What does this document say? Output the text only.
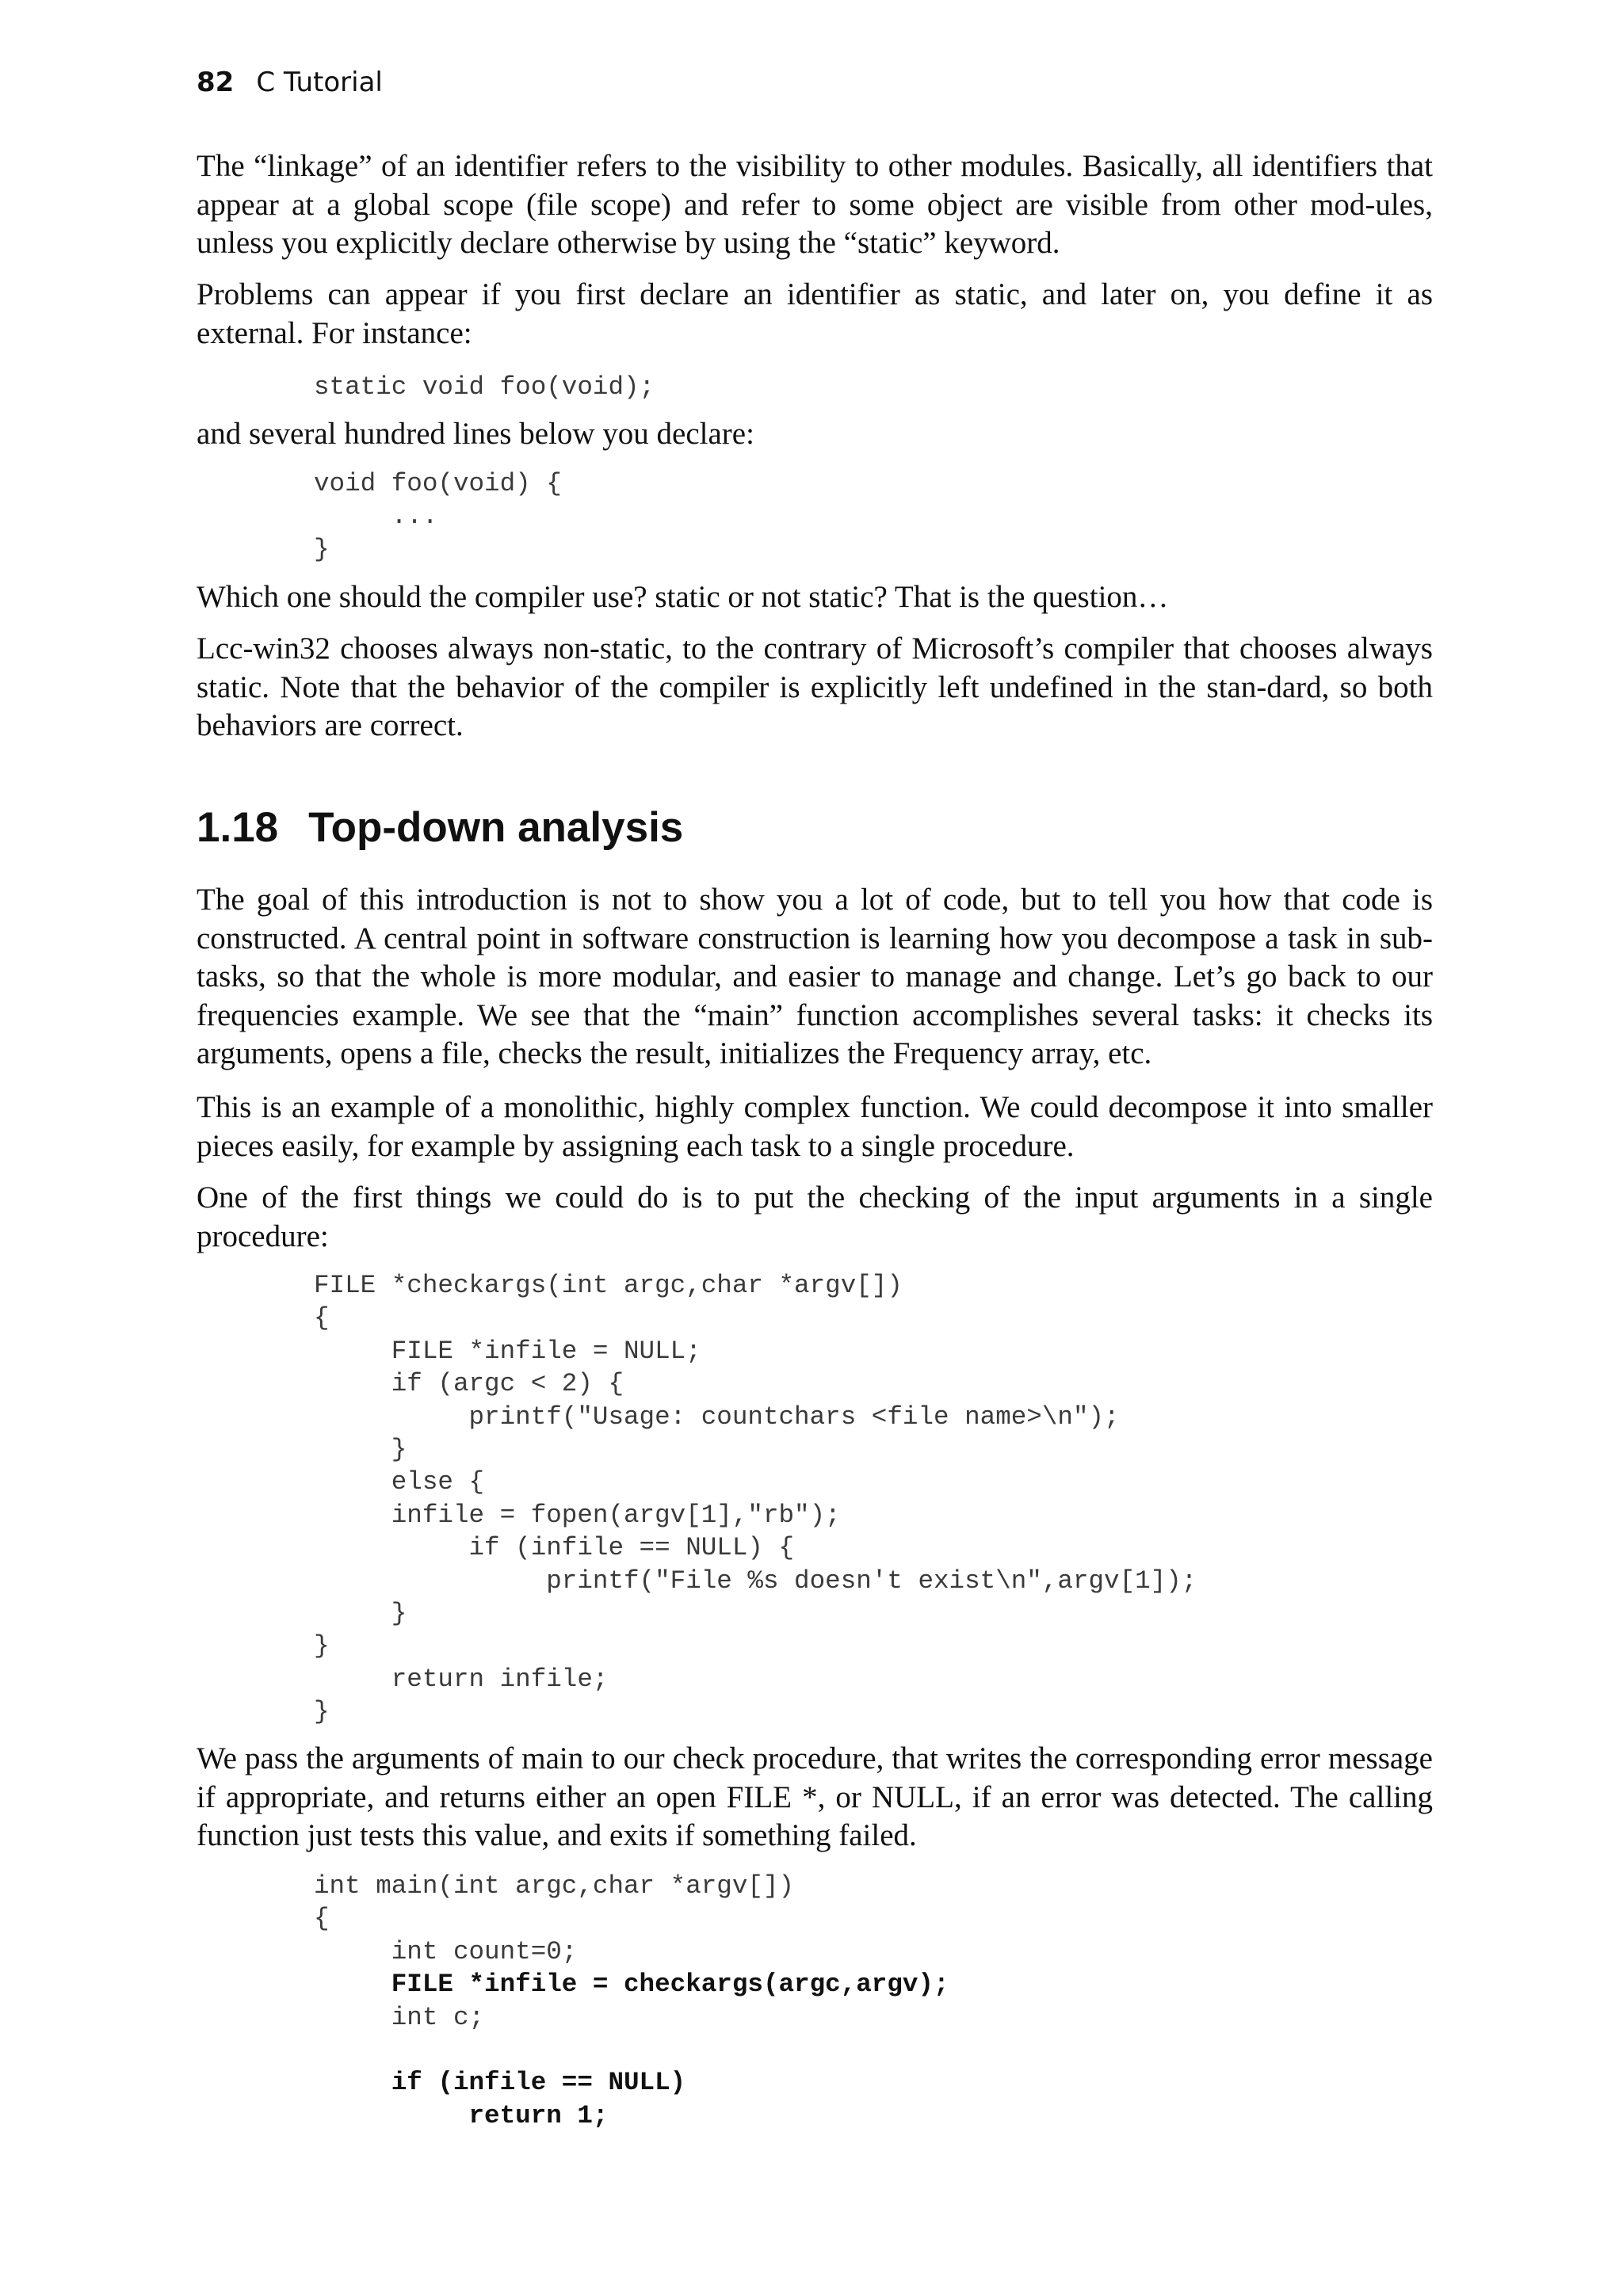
82 C Tutorial

The “linkage” of an identifier refers to the visibility to other modules. Basically, all identifiers that appear at a global scope (file scope) and refer to some object are visible from other mod-ules, unless you explicitly declare otherwise by using the “static” keyword.

Problems can appear if you first declare an identifier as static, and later on, you define it as external. For instance:

static void foo(void);

and several hundred lines below you declare:

void foo(void) {
...
}

Which one should the compiler use? static or not static? That is the question…

Lcc-win32 chooses always non-static, to the contrary of Microsoft’s compiler that chooses always static. Note that the behavior of the compiler is explicitly left undefined in the stan-dard, so both behaviors are correct.

1.18 Top-down analysis

The goal of this introduction is not to show you a lot of code, but to tell you how that code is constructed. A central point in software construction is learning how you decompose a task in sub-tasks, so that the whole is more modular, and easier to manage and change. Let’s go back to our frequencies example. We see that the “main” function accomplishes several tasks: it checks its arguments, opens a file, checks the result, initializes the Frequency array, etc.

This is an example of a monolithic, highly complex function. We could decompose it into smaller pieces easily, for example by assigning each task to a single procedure.

One of the first things we could do is to put the checking of the input arguments in a single procedure:

FILE *checkargs(int argc,char *argv[])
{
FILE *infile = NULL;
if (argc < 2) {
printf("Usage: countchars <file name>\n");
}
else {
infile = fopen(argv[1],"rb");
if (infile == NULL) {
printf("File %s doesn't exist\n",argv[1]);
}
}
return infile;
}

We pass the arguments of main to our check procedure, that writes the corresponding error message if appropriate, and returns either an open FILE *, or NULL, if an error was detected. The calling function just tests this value, and exits if something failed.

int main(int argc,char *argv[])
{
int count=0;
FILE *infile = checkargs(argc,argv);
int c;

if (infile == NULL)
return 1;
